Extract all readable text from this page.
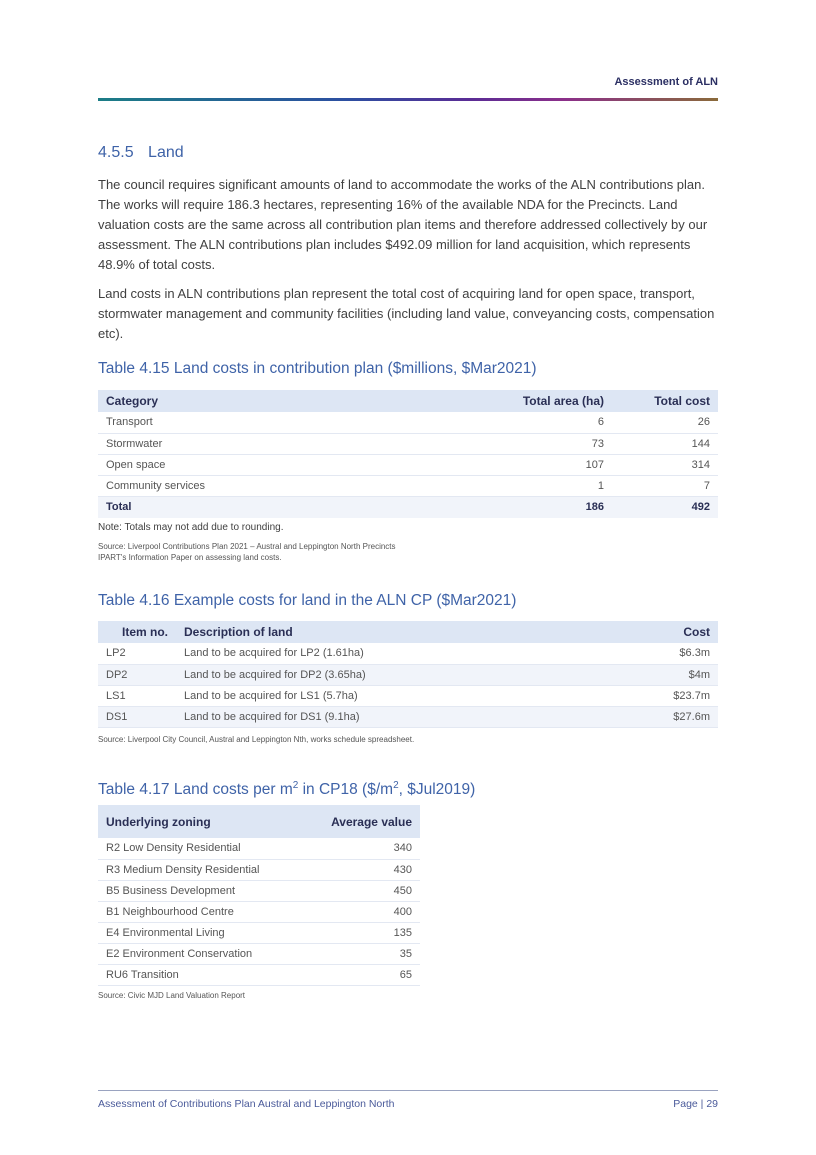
Assessment of ALN
4.5.5 Land

The council requires significant amounts of land to accommodate the works of the ALN contributions plan. The works will require 186.3 hectares, representing 16% of the available NDA for the Precincts. Land valuation costs are the same across all contribution plan items and therefore addressed collectively by our assessment. The ALN contributions plan includes $492.09 million for land acquisition, which represents 48.9% of total costs.

Land costs in ALN contributions plan represent the total cost of acquiring land for open space, transport, stormwater management and community facilities (including land value, conveyancing costs, compensation etc).

Table 4.15 Land costs in contribution plan ($millions, $Mar2021)
Category	Total area (ha)	Total cost
Transport	6	26
Stormwater	73	144
Open space	107	314
Community services	1	7
Total	186	492
Note: Totals may not add due to rounding.
Source: Liverpool Contributions Plan 2021 – Austral and Leppington North Precincts
IPART's Information Paper on assessing land costs.
Table 4.16 Example costs for land in the ALN CP ($Mar2021)
Item no.	Description of land	Cost
LP2	Land to be acquired for LP2 (1.61ha)	$6.3m
DP2	Land to be acquired for DP2 (3.65ha)	$4m
LS1	Land to be acquired for LS1 (5.7ha)	$23.7m
DS1	Land to be acquired for DS1 (9.1ha)	$27.6m
Source: Liverpool City Council, Austral and Leppington Nth, works schedule spreadsheet.
Table 4.17 Land costs per $m^2$ in CP18 ($\$/m^2$, $Jul2019)
Underlying zoning	Average value
R2 Low Density Residential	340
R3 Medium Density Residential	430
B5 Business Development	450
B1 Neighbourhood Centre	400
E4 Environmental Living	135
E2 Environment Conservation	35
RU6 Transition	65
Source: Civic MJD Land Valuation Report
Assessment of Contributions Plan Austral and Leppington North	Page | 29
